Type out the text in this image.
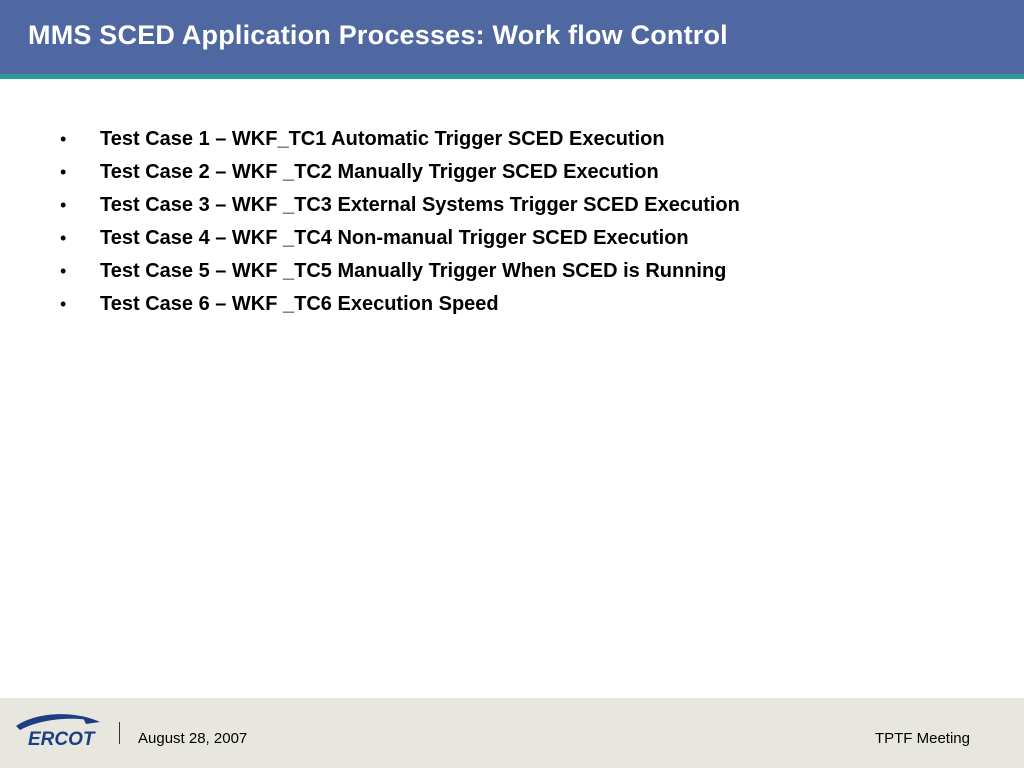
MMS SCED Application Processes: Work flow Control
• Test Case 1 – WKF_TC1 Automatic Trigger SCED Execution
• Test Case 2 – WKF _TC2 Manually Trigger SCED Execution
• Test Case 3 – WKF _TC3 External Systems Trigger SCED Execution
• Test Case 4 – WKF _TC4 Non-manual Trigger SCED Execution
• Test Case 5 – WKF _TC5 Manually Trigger When SCED is Running
• Test Case 6 – WKF _TC6 Execution Speed
ERCOT	August 28, 2007	TPTF Meeting
